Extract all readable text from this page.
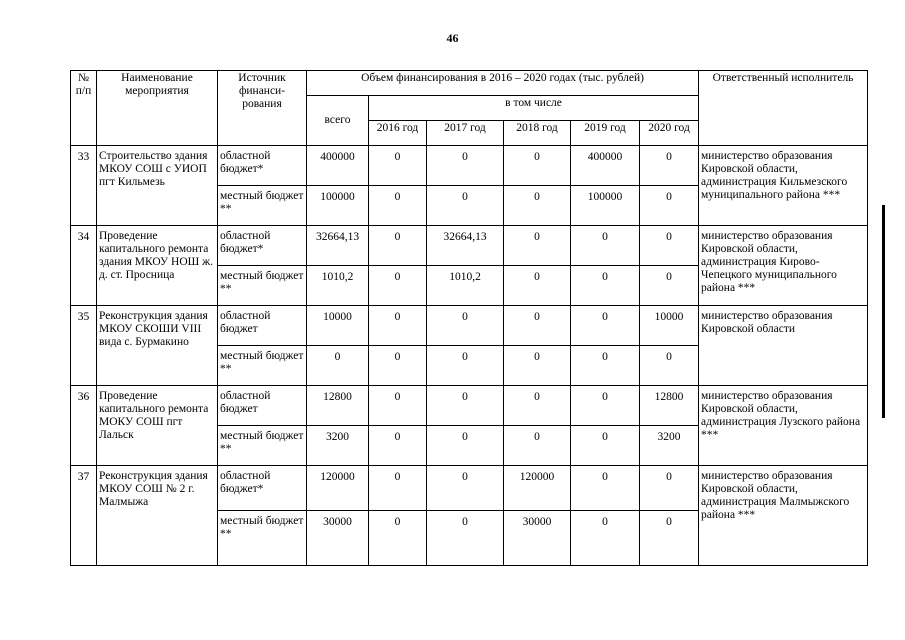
46
№ п/п	Наименование мероприятия	Источник финанси-рования	Объем финансирования в 2016 – 2020 годах (тыс. рублей)						Ответственный исполнитель
			всего	в том числе					
				2016 год	2017 год	2018 год	2019 год	2020 год	
33	Строительство здания МКОУ СОШ с УИОП пгт Кильмезь	областной бюджет*	400000	0	0	0	400000	0	министерство образования Кировской области, администрация Кильмезского муниципального района ***
		местный бюджет **	100000	0	0	0	100000	0	
34	Проведение капитального ремонта здания МКОУ НОШ ж. д. ст. Просница	областной бюджет*	32664,13	0	32664,13	0	0	0	министерство образования Кировской области, администрация Кирово-Чепецкого муниципального района ***
		местный бюджет **	1010,2	0	1010,2	0	0	0	
35	Реконструкция здания МКОУ СКОШИ VIII вида с. Бурмакино	областной бюджет	10000	0	0	0	0	10000	министерство образования Кировской области
		местный бюджет **	0	0	0	0	0	0	
36	Проведение капитального ремонта МОКУ СОШ пгт Лальск	областной бюджет	12800	0	0	0	0	12800	министерство образования Кировской области, администрация Лузского района ***
		местный бюджет **	3200	0	0	0	0	3200	
37	Реконструкция здания МКОУ СОШ № 2 г. Малмыжа	областной бюджет*	120000	0	0	120000	0	0	министерство образования Кировской области, администрация Малмыжского района ***
		местный бюджет **	30000	0	0	30000	0	0	
